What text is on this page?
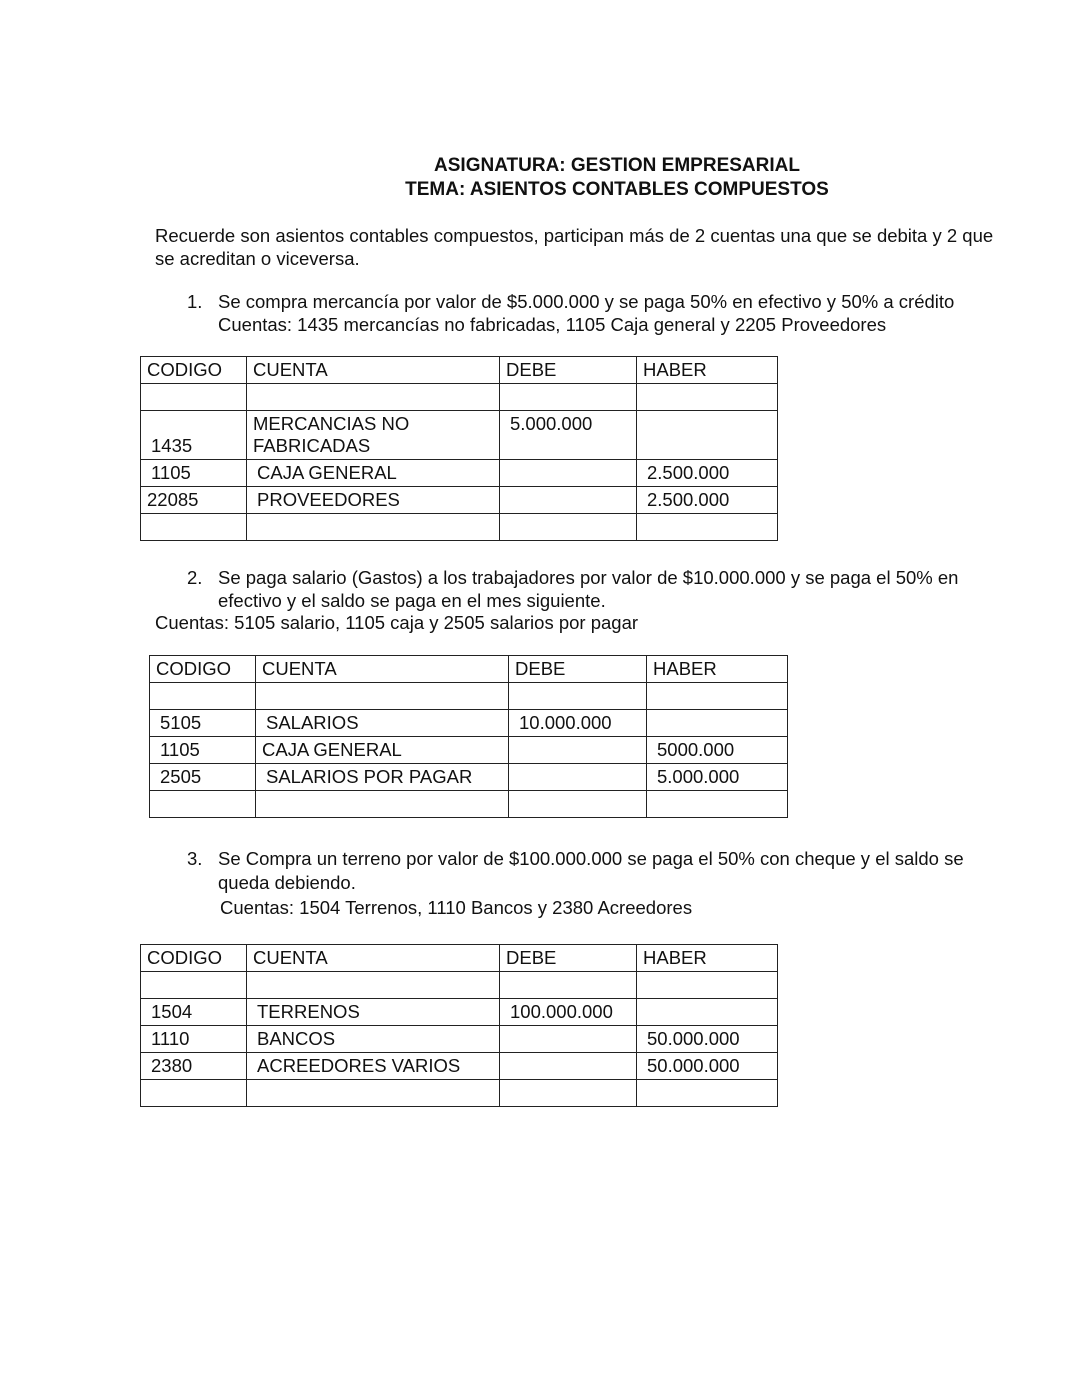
ASIGNATURA: GESTION EMPRESARIAL
TEMA: ASIENTOS CONTABLES COMPUESTOS
Recuerde son asientos contables compuestos, participan más de 2 cuentas una que se debita y 2 que se acreditan o viceversa.
1. Se compra mercancía por valor de $5.000.000 y se paga 50% en efectivo y 50% a crédito
Cuentas: 1435 mercancías no fabricadas, 1105 Caja general y 2205 Proveedores
CODIGO	CUENTA	DEBE	HABER

1435	MERCANCIAS NO FABRICADAS	5.000.000	
1105	CAJA GENERAL		2.500.000
22085	PROVEEDORES		2.500.000

2. Se paga salario (Gastos) a los trabajadores por valor de $10.000.000 y se paga el 50% en
efectivo y el saldo se paga en el mes siguiente.
Cuentas: 5105 salario, 1105 caja y 2505 salarios por pagar
CODIGO	CUENTA	DEBE	HABER

5105	SALARIOS	10.000.000	
1105	CAJA GENERAL		5000.000
2505	SALARIOS POR PAGAR		5.000.000

3. Se Compra un terreno por valor de $100.000.000 se paga el 50% con cheque y el saldo se
queda debiendo.
Cuentas: 1504 Terrenos, 1110 Bancos y 2380 Acreedores
CODIGO	CUENTA	DEBE	HABER

1504	TERRENOS	100.000.000	
1110	BANCOS		50.000.000
2380	ACREEDORES VARIOS		50.000.000
